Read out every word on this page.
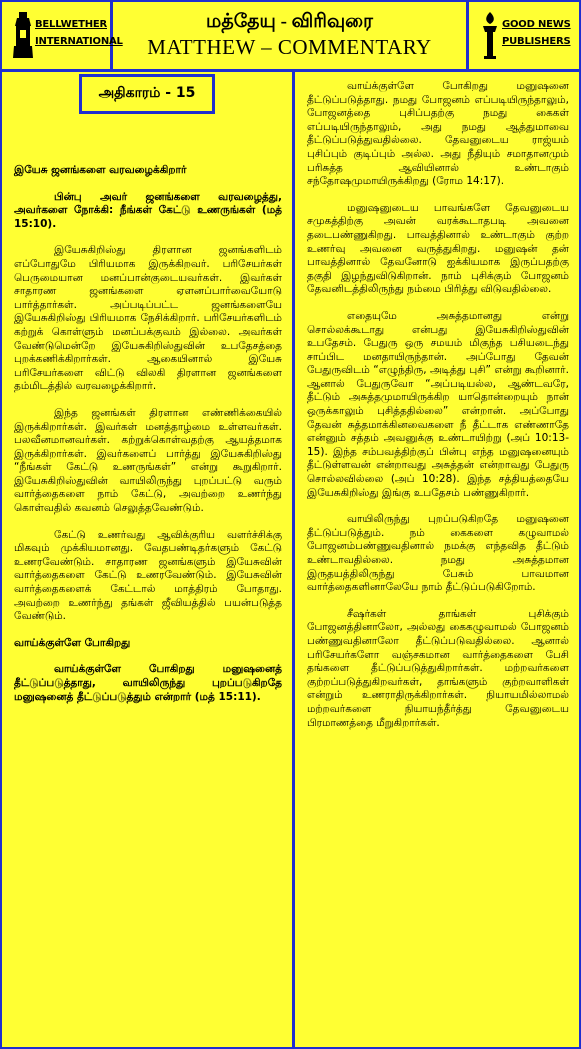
BELLWETHER
INTERNATIONAL
மத்தேயு - விரிவுரை
MATTHEW – COMMENTARY
GOOD NEWS
PUBLISHERS
அதிகாரம் - 15

இயேசு ஜனங்களை வரவழைக்கிறார்

பின்பு அவர் ஜனங்களை வரவழைத்து, அவர்களை நோக்கி: நீங்கள் கேட்டு உணருங்கள் (மத் 15:10).

இயேசுகிறிஸ்து திரளான ஜனங்களிடம் எப்போதுமே பிரியமாக இருக்கிறவர். பரிசேயர்கள் பெருமையான மனப்பான்குடையவர்கள். இவர்கள் சாதாரண ஜனங்களை ஏளனப்பார்வையோடு பார்த்தார்கள். அப்படிப்பட்ட ஜனங்களையே இயேசுகிறிஸ்து பிரியமாக நேசிக்கிறார். பரிசேயர்களிடம் கற்றுக் கொள்ளும் மனப்பக்குவம் இல்லை. அவர்கள் வேண்டுமென்றே இயேசுகிறிஸ்துவின் உபதேசத்தை புறக்கணிக்கிறார்கள். ஆகையினால் இயேசு பரிசேயர்களை விட்டு விலகி திரளான ஜனங்களை தம்மிடத்தில் வரவழைக்கிறார்.

இந்த ஜனங்கள் திரளான எண்ணிக்கையில் இருக்கிறார்கள். இவர்கள் மனத்தாழ்மை உள்ளவர்கள். பலவீனமானவர்கள். கற்றுக்கொள்வதற்கு ஆயத்தமாக இருக்கிறார்கள். இவர்களைப் பார்த்து இயேசுகிறிஸ்து “நீங்கள் கேட்டு உணருங்கள்” என்று கூறுகிறார். இயேசுகிறிஸ்துவின் வாயிலிருந்து புறப்பட்டு வரும் வார்த்தைகளை நாம் கேட்டு, அவற்றை உணர்ந்து கொள்வதில் கவனம் செலுத்தவேண்டும்.

கேட்டு உணர்வது ஆவிக்குரிய வளர்ச்சிக்கு மிகவும் முக்கியமானது. வேதபண்டிதர்களும் கேட்டு உணரவேண்டும். சாதாரண ஜனங்களும் இயேசுவின் வார்த்தைகளை கேட்டு உணரவேண்டும். இயேசுவின் வார்த்தைகளைக் கேட்டால் மாத்திரம் போதாது. அவற்றை உணர்ந்து தங்கள் ஜீவியத்தில் பயன்படுத்த வேண்டும்.

வாய்க்குள்ளே போகிறது

வாய்க்குள்ளே போகிறது மனுஷனைத் தீட்டுப்படுத்தாது, வாயிலிருந்து புறப்படுகிறதே மனுஷனைத் தீட்டுப்படுத்தும் என்றார் (மத் 15:11).

வாய்க்குள்ளே போகிறது மனுஷனை தீட்டுப்படுத்தாது. நமது போஜனம் எப்படியிருந்தாலும், போஜனத்தை புசிப்பதற்கு நமது கைகள் எப்படியிருந்தாலும், அது நமது ஆத்துமாவை தீட்டுப்படுத்துவதில்லை. தேவனுடைய ராஜ்யம் புசிப்பும் குடிப்பும் அல்ல. அது நீதியும் சமாதானமும் பரிசுத்த ஆவியினால் உண்டாகும் சந்தோஷமுமாயிருக்கிறது (ரோம 14:17).

மனுஷனுடைய பாவங்களே தேவனுடைய சமுகத்திற்கு அவன் வரக்கூடாதபடி அவனை தடைபண்ணுகிறது. பாவத்தினால் உண்டாகும் குற்ற உணர்வு அவனை வருத்துகிறது. மனுஷன் தன் பாவத்தினால் தேவனோடு ஐக்கியமாக இருப்பதற்கு தகுதி இழந்துவிடுகிறான். நாம் புசிக்கும் போஜனம் தேவனிடத்திலிருந்து நம்மை பிரித்து விடுவதில்லை.

எதையுமே அசுத்தமானது என்று சொல்லக்கூடாது என்பது இயேசுகிறிஸ்துவின் உபதேசம். பேதுரு ஒரு சமயம் மிகுந்த பசியடைந்து சாப்பிட மனதாயிருந்தான். அப்போது தேவன் பேதுருவிடம் “எழுந்திரு, அடித்து புசி” என்று கூறினார். ஆனால் பேதுருவோ “அப்படியல்ல, ஆண்டவரே, தீட்டும் அசுத்தமுமாயிருக்கிற யாதொன்றையும் நான் ஒருக்காலும் புசித்ததில்லை” என்றான். அப்போது தேவன் சுத்தமாக்கினவைகளை நீ தீட்டாக எண்ணாதே என்னும் சத்தம் அவனுக்கு உண்டாயிற்று (அப் 10:13-15). இந்த சம்பவத்திற்குப் பின்பு எந்த மனுஷனையும் தீட்டுள்ளவன் என்றாவது அசுத்தன் என்றாவது பேதுரு சொல்லவில்லை (அப் 10:28). இந்த சத்தியத்தையே இயேசுகிறிஸ்து இங்கு உபதேசம் பண்ணுகிறார்.

வாயிலிருந்து புறப்படுகிறதே மனுஷனை தீட்டுப்படுத்தும். நம் கைகளை கழுவாமல் போஜனம்பண்ணுவதினால் நமக்கு எந்தவித தீட்டும் உண்டாவதில்லை. நமது அசுத்தமான இருதயத்திலிருந்து பேசும் பாவமான வார்த்தைகளினாலேயே நாம் தீட்டுப்படுகிறோம்.

சீஷர்கள் தாங்கள் புசிக்கும் போஜனத்தினாலோ, அல்லது கைகழுவாமல் போஜனம் பண்ணுவதினாலோ தீட்டுப்படுவதில்லை. ஆனால் பரிசேயர்களோ வஞ்சகமான வார்த்தைகளை பேசி தங்களை தீட்டுப்படுத்துகிறார்கள். மற்றவர்களை குற்றப்படுத்துகிறவர்கள், தாங்களும் குற்றவாளிகள் என்றும் உணராதிருக்கிறார்கள். நியாயமில்லாமல் மற்றவர்களை நியாயந்தீர்த்து தேவனுடைய பிரமாணத்தை மீறுகிறார்கள்.
